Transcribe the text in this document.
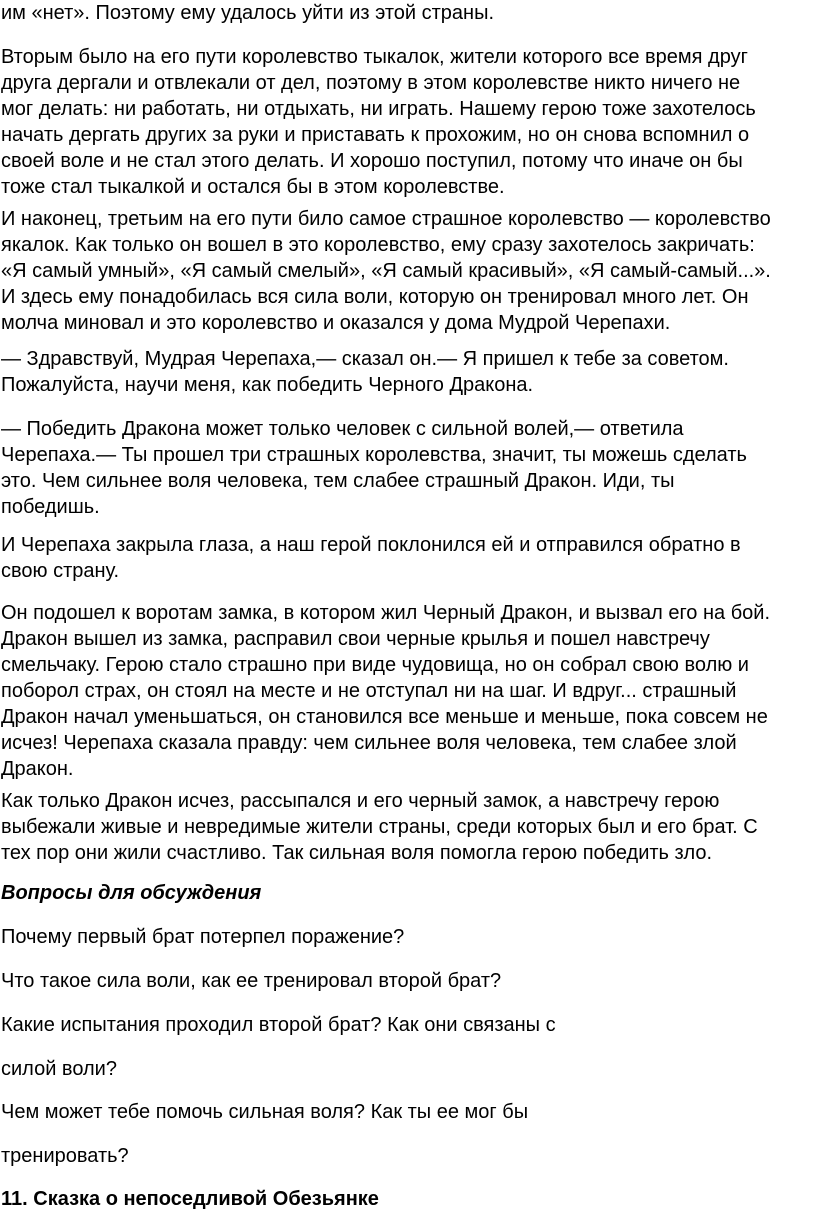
им «нет». Поэтому ему удалось уйти из этой страны.

Вторым было на его пути королевство тыкалок, жители которого все время друг
друга дергали и отвлекали от дел, поэтому в этом королевстве никто ничего не
мог делать: ни работать, ни отдыхать, ни играть. Нашему герою тоже захотелось
начать дергать других за руки и приставать к прохожим, но он снова вспомнил о
своей воле и не стал этого делать. И хорошо поступил, потому что иначе он бы
тоже стал тыкалкой и остался бы в этом королевстве.

И наконец, третьим на его пути било самое страшное королевство — королевство
якалок. Как только он вошел в это королевство, ему сразу захотелось закричать:
«Я самый умный», «Я самый смелый», «Я самый красивый», «Я самый-самый...».
И здесь ему понадобилась вся сила воли, которую он тренировал много лет. Он
молча миновал и это королевство и оказался у дома Мудрой Черепахи.

— Здравствуй, Мудрая Черепаха,— сказал он.— Я пришел к тебе за советом.
Пожалуйста, научи меня, как победить Черного Дракона.

— Победить Дракона может только человек с сильной волей,— ответила
Черепаха.— Ты прошел три страшных королевства, значит, ты можешь сделать
это. Чем сильнее воля человека, тем слабее страшный Дракон. Иди, ты
победишь.

И Черепаха закрыла глаза, а наш герой поклонился ей и отправился обратно в
свою страну.

Он подошел к воротам замка, в котором жил Черный Дракон, и вызвал его на бой.
Дракон вышел из замка, расправил свои черные крылья и пошел навстречу
смельчаку. Герою стало страшно при виде чудовища, но он собрал свою волю и
поборол страх, он стоял на месте и не отступал ни на шаг. И вдруг... страшный
Дракон начал уменьшаться, он становился все меньше и меньше, пока совсем не
исчез! Черепаха сказала правду: чем сильнее воля человека, тем слабее злой
Дракон.

Как только Дракон исчез, рассыпался и его черный замок, а навстречу герою
выбежали живые и невредимые жители страны, среди которых был и его брат. С
тех пор они жили счастливо. Так сильная воля помогла герою победить зло.

Вопросы для обсуждения

Почему первый брат потерпел поражение?

Что такое сила воли, как ее тренировал второй брат?

Какие испытания проходил второй брат? Как они связаны с

силой воли?

Чем может тебе помочь сильная воля? Как ты ее мог бы

тренировать?

11. Сказка о непоседливой Обезьянке
